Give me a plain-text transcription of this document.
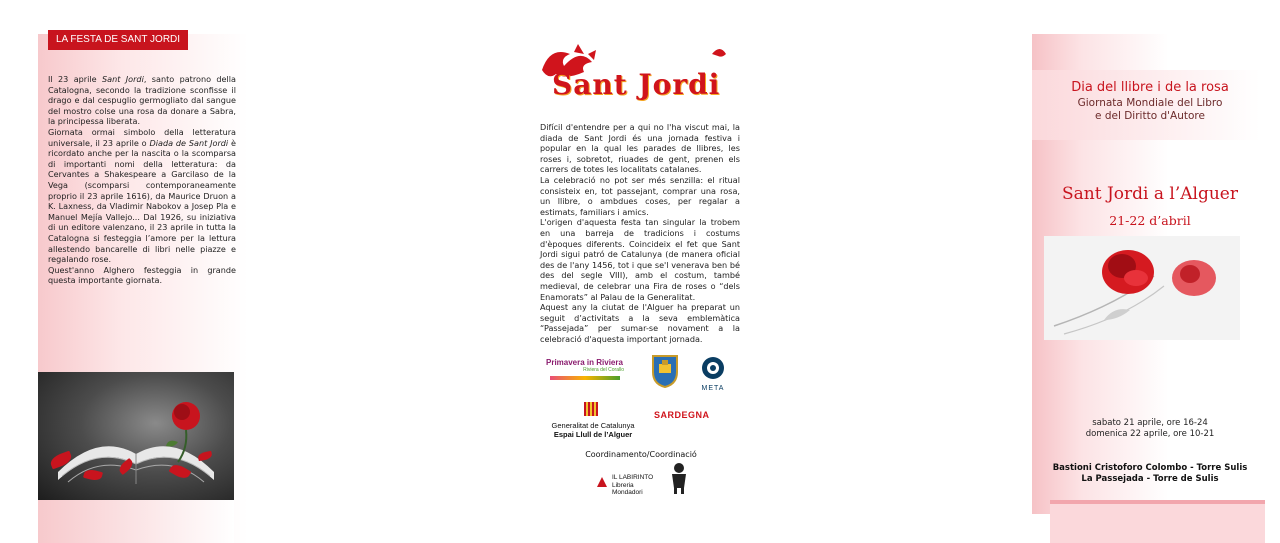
LA FESTA DE SANT JORDI

Il 23 aprile Sant Jordi, santo patrono della Catalogna, secondo la tradizione sconfisse il drago e dal cespuglio germogliato dal sangue del mostro colse una rosa da donare a Sabra, la principessa liberata.

Giornata ormai simbolo della letteratura universale, il 23 aprile o Diada de Sant Jordi è ricordato anche per la nascita o la scomparsa di importanti nomi della letteratura: da Cervantes a Shakespeare a Garcilaso de la Vega (scomparsi contemporaneamente proprio il 23 aprile 1616), da Maurice Druon a K. Laxness, da Vladimir Nabokov a Josep Pla e Manuel Mejía Vallejo... Dal 1926, su iniziativa di un editore valenzano, il 23 aprile in tutta la Catalogna si festeggia l’amore per la lettura allestendo bancarelle di libri nelle piazze e regalando rose.

Quest'anno Alghero festeggia in grande questa importante giornata.

Sant Jordi

Difícil d'entendre per a qui no l'ha viscut mai, la diada de Sant Jordi és una jornada festiva i popular en la qual les parades de llibres, les roses i, sobretot, riuades de gent, prenen els carrers de totes les localitats catalanes.

La celebració no pot ser més senzilla: el ritual consisteix en, tot passejant, comprar una rosa, un llibre, o ambdues coses, per regalar a estimats, familiars i amics.

L'origen d'aquesta festa tan singular la trobem en una barreja de tradicions i costums d'èpoques diferents. Coincideix el fet que Sant Jordi sigui patró de Catalunya (de manera oficial des de l'any 1456, tot i que se'l venerava ben bé des del segle VIII), amb el costum, també medieval, de celebrar una Fira de roses o “dels Enamorats” al Palau de la Generalitat.

Aquest any la ciutat de l'Alguer ha preparat un seguit d’activitats a la seva emblemàtica “Passejada” per sumar-se novament a la celebració d'aquesta important jornada.

Primavera in Riviera
Riviera del Corallo
META
Generalitat de Catalunya
Espai Llull de l’Alguer
SARDEGNA
Coordinamento/Coordinació
IL LABIRINTO
Libreria Mondadori
Dia del llibre i de la rosa
Giornata Mondiale del Libro
e del Diritto d'Autore
Sant Jordi a l’Alguer
21-22 d’abril
sabato 21 aprile, ore 16-24
domenica 22 aprile, ore 10-21
Bastioni Cristoforo Colombo - Torre Sulis
La Passejada - Torre de Sulis
